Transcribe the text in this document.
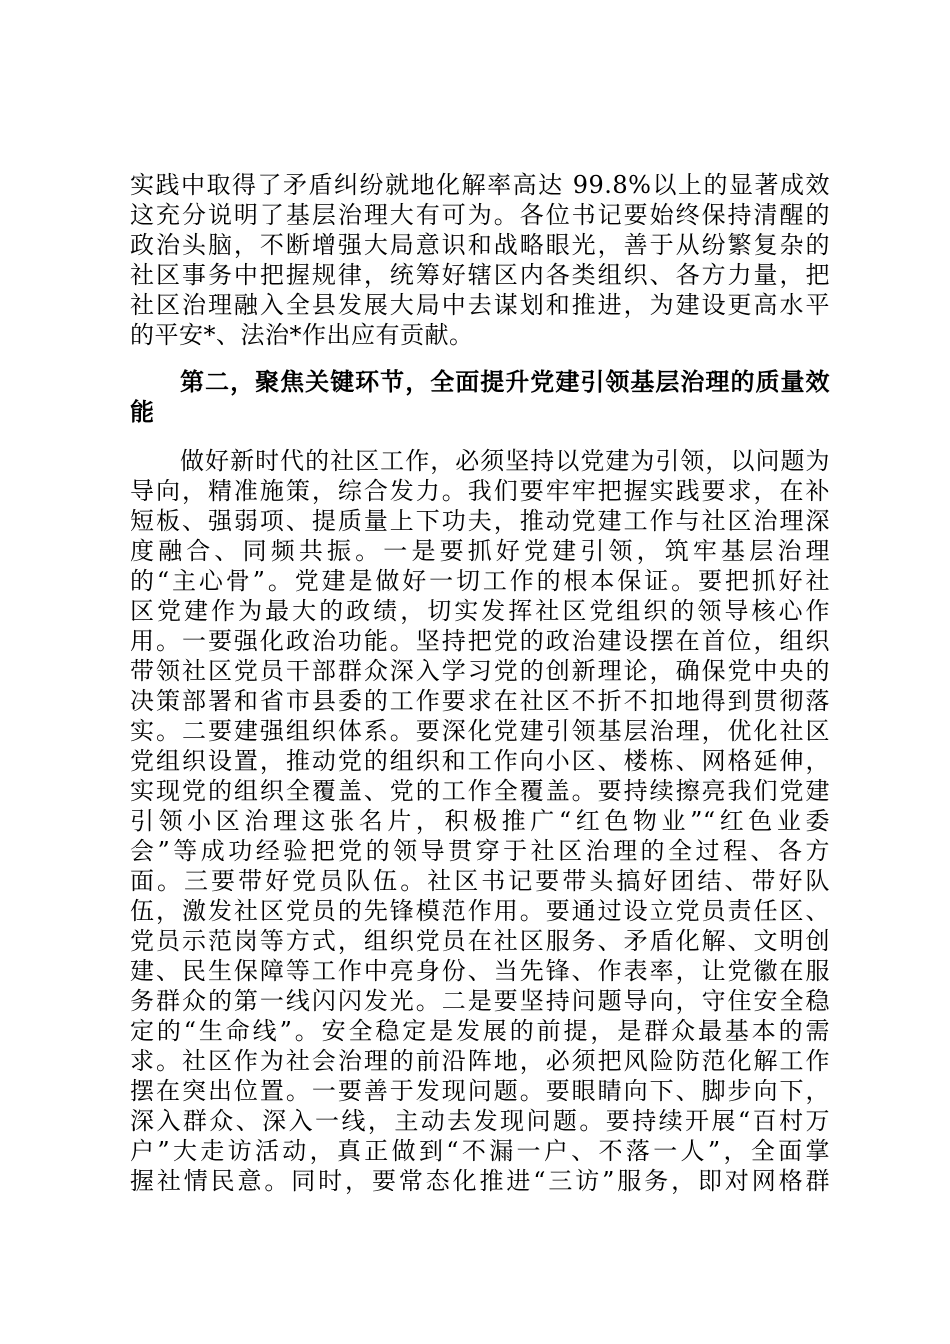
实践中取得了矛盾纠纷就地化解率高达 99.8%以上的显著成效
这充分说明了基层治理大有可为。各位书记要始终保持清醒的
政治头脑，不断增强大局意识和战略眼光，善于从纷繁复杂的
社区事务中把握规律，统筹好辖区内各类组织、各方力量，把
社区治理融入全县发展大局中去谋划和推进，为建设更高水平
的平安*、法治*作出应有贡献。
　　第二，聚焦关键环节，全面提升党建引领基层治理的质量效
能
　　做好新时代的社区工作，必须坚持以党建为引领，以问题为
导向，精准施策，综合发力。我们要牢牢把握实践要求，在补
短板、强弱项、提质量上下功夫，推动党建工作与社区治理深
度融合、同频共振。一是要抓好党建引领，筑牢基层治理
的“主心骨”。党建是做好一切工作的根本保证。要把抓好社
区党建作为最大的政绩，切实发挥社区党组织的领导核心作
用。一要强化政治功能。坚持把党的政治建设摆在首位，组织
带领社区党员干部群众深入学习党的创新理论，确保党中央的
决策部署和省市县委的工作要求在社区不折不扣地得到贯彻落
实。二要建强组织体系。要深化党建引领基层治理，优化社区
党组织设置，推动党的组织和工作向小区、楼栋、网格延伸，
实现党的组织全覆盖、党的工作全覆盖。要持续擦亮我们党建
引领小区治理这张名片，积极推广“红色物业”“红色业委
会”等成功经验把党的领导贯穿于社区治理的全过程、各方
面。三要带好党员队伍。社区书记要带头搞好团结、带好队
伍，激发社区党员的先锋模范作用。要通过设立党员责任区、
党员示范岗等方式，组织党员在社区服务、矛盾化解、文明创
建、民生保障等工作中亮身份、当先锋、作表率，让党徽在服
务群众的第一线闪闪发光。二是要坚持问题导向，守住安全稳
定的“生命线”。安全稳定是发展的前提，是群众最基本的需
求。社区作为社会治理的前沿阵地，必须把风险防范化解工作
摆在突出位置。一要善于发现问题。要眼睛向下、脚步向下，
深入群众、深入一线，主动去发现问题。要持续开展“百村万
户”大走访活动，真正做到“不漏一户、不落一人”，全面掌
握社情民意。同时，要常态化推进“三访”服务，即对网格群
